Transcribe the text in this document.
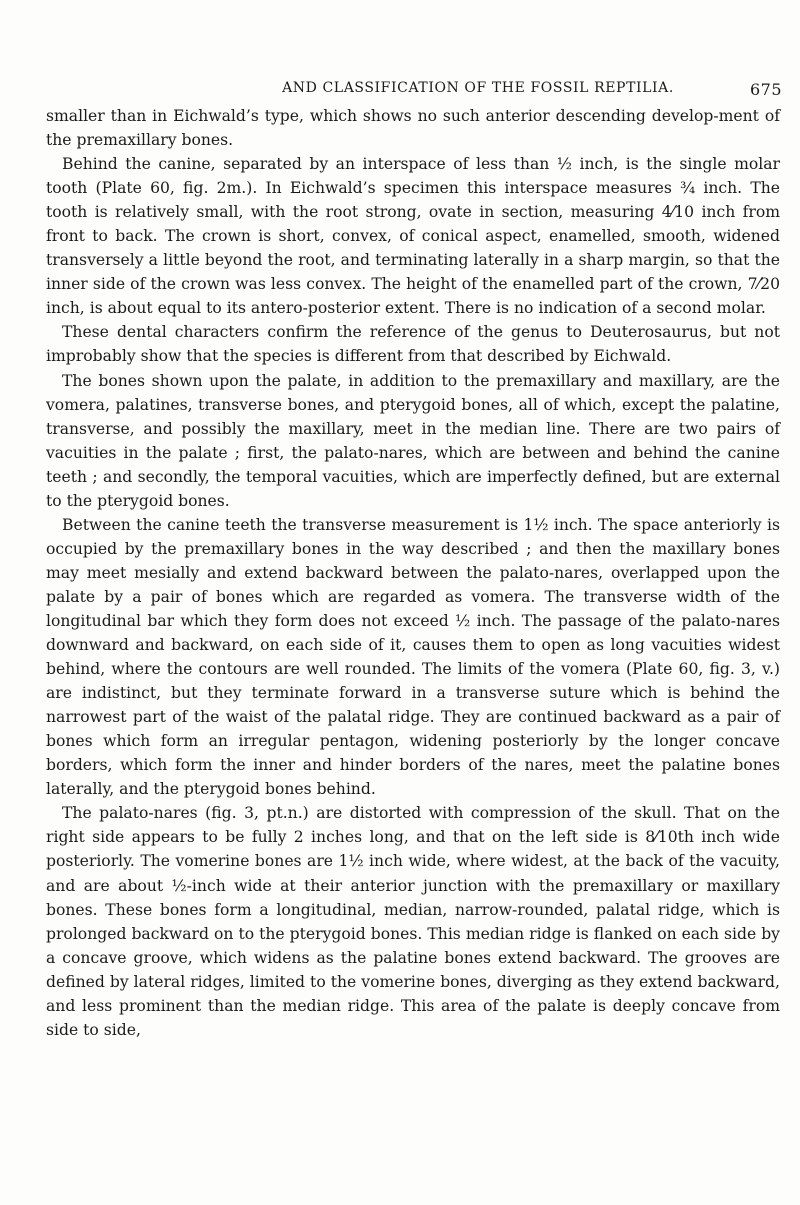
AND CLASSIFICATION OF THE FOSSIL REPTILIA.	675

smaller than in Eichwald’s type, which shows no such anterior descending develop-ment of the premaxillary bones.

Behind the canine, separated by an interspace of less than ½ inch, is the single molar tooth (Plate 60, fig. 2m.). In Eichwald’s specimen this interspace measures ¾ inch. The tooth is relatively small, with the root strong, ovate in section, measuring 4⁄10 inch from front to back. The crown is short, convex, of conical aspect, enamelled, smooth, widened transversely a little beyond the root, and terminating laterally in a sharp margin, so that the inner side of the crown was less convex. The height of the enamelled part of the crown, 7⁄20 inch, is about equal to its antero-posterior extent. There is no indication of a second molar.

These dental characters confirm the reference of the genus to Deuterosaurus, but not improbably show that the species is different from that described by Eichwald.

The bones shown upon the palate, in addition to the premaxillary and maxillary, are the vomera, palatines, transverse bones, and pterygoid bones, all of which, except the palatine, transverse, and possibly the maxillary, meet in the median line. There are two pairs of vacuities in the palate ; first, the palato-nares, which are between and behind the canine teeth ; and secondly, the temporal vacuities, which are imperfectly defined, but are external to the pterygoid bones.

Between the canine teeth the transverse measurement is 1½ inch. The space anteriorly is occupied by the premaxillary bones in the way described ; and then the maxillary bones may meet mesially and extend backward between the palato-nares, overlapped upon the palate by a pair of bones which are regarded as vomera. The transverse width of the longitudinal bar which they form does not exceed ½ inch. The passage of the palato-nares downward and backward, on each side of it, causes them to open as long vacuities widest behind, where the contours are well rounded. The limits of the vomera (Plate 60, fig. 3, v.) are indistinct, but they terminate forward in a transverse suture which is behind the narrowest part of the waist of the palatal ridge. They are continued backward as a pair of bones which form an irregular pentagon, widening posteriorly by the longer concave borders, which form the inner and hinder borders of the nares, meet the palatine bones laterally, and the pterygoid bones behind.

The palato-nares (fig. 3, pt.n.) are distorted with compression of the skull. That on the right side appears to be fully 2 inches long, and that on the left side is 8⁄10th inch wide posteriorly. The vomerine bones are 1½ inch wide, where widest, at the back of the vacuity, and are about ½-inch wide at their anterior junction with the premaxillary or maxillary bones. These bones form a longitudinal, median, narrow-rounded, palatal ridge, which is prolonged backward on to the pterygoid bones. This median ridge is flanked on each side by a concave groove, which widens as the palatine bones extend backward. The grooves are defined by lateral ridges, limited to the vomerine bones, diverging as they extend backward, and less prominent than the median ridge. This area of the palate is deeply concave from side to side,
